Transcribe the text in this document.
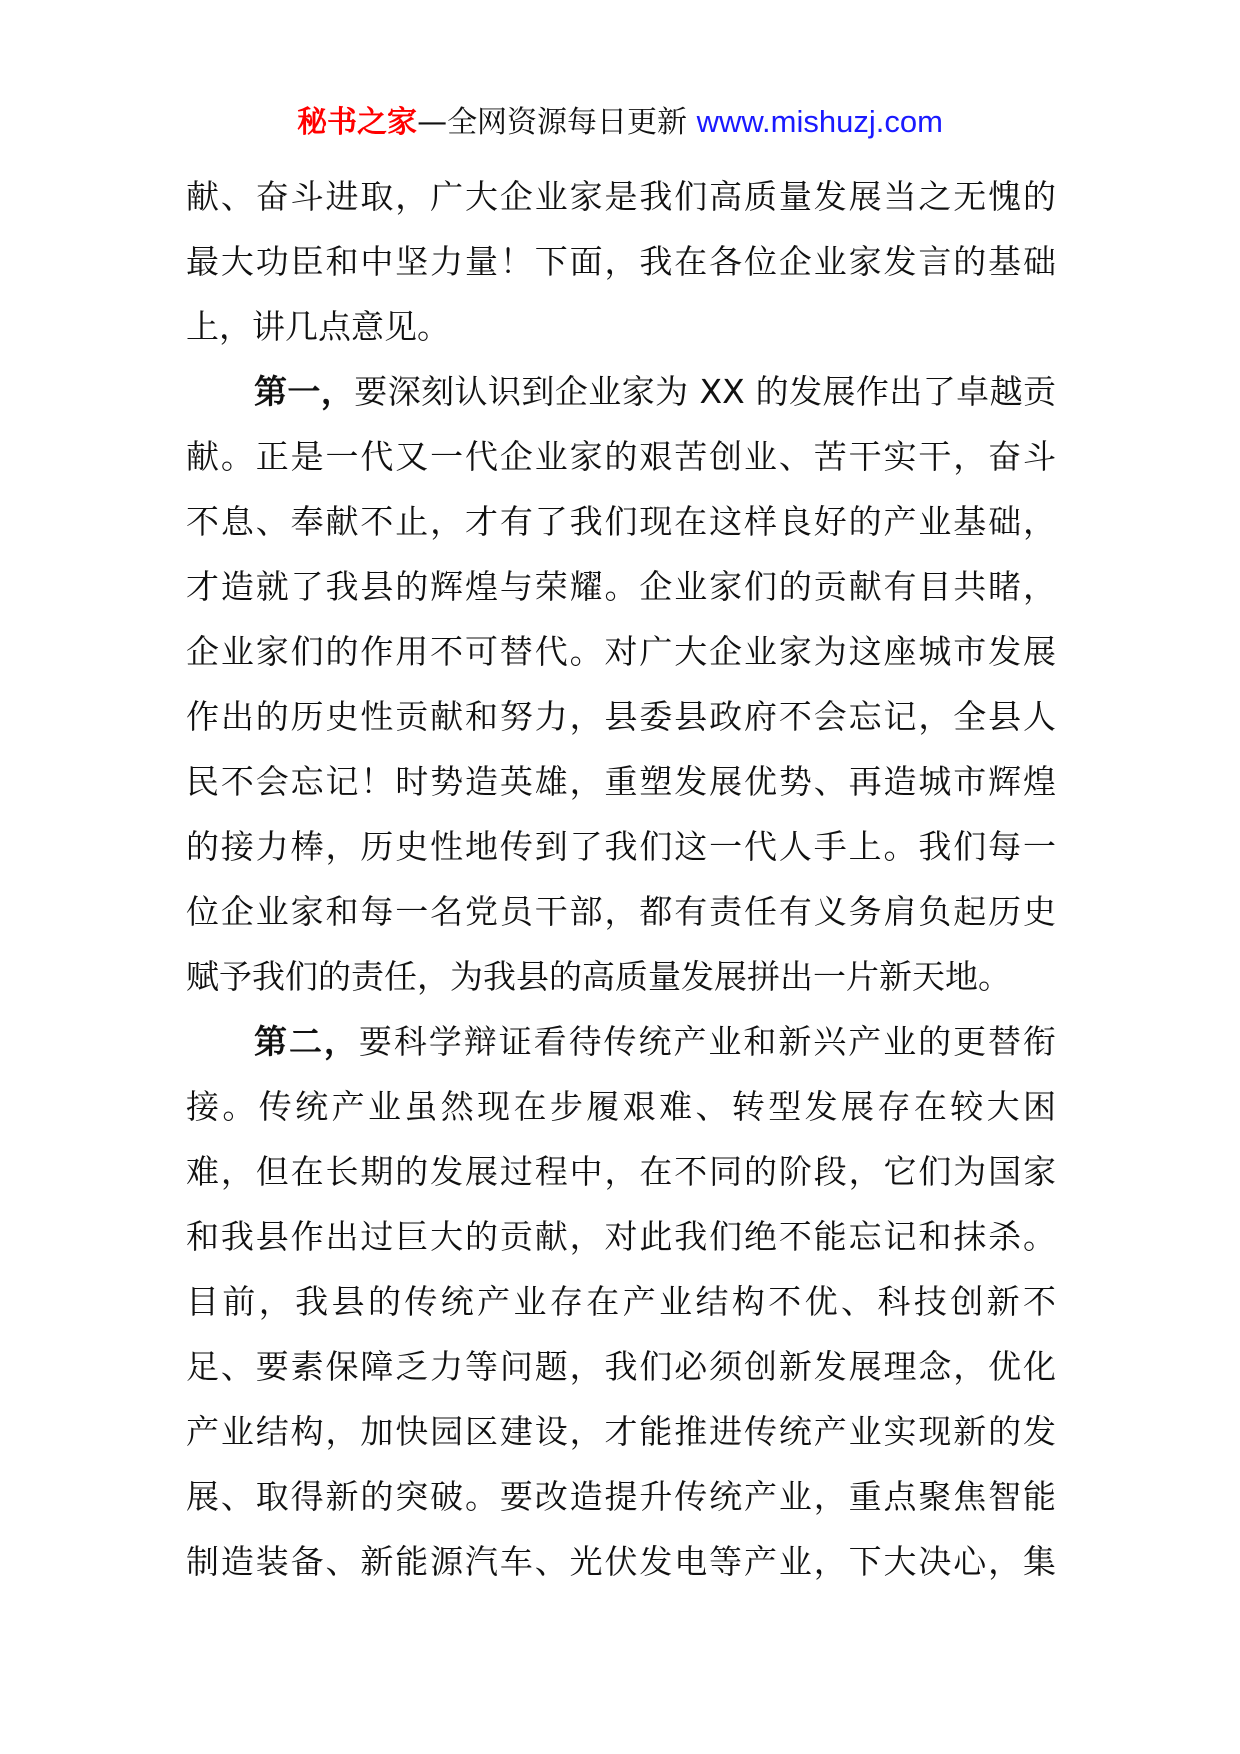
秘书之家—全网资源每日更新 www.mishuzj.com
献、奋斗进取，广大企业家是我们高质量发展当之无愧的
最大功臣和中坚力量！下面，我在各位企业家发言的基础
上，讲几点意见。
第一，要深刻认识到企业家为 XX 的发展作出了卓越贡
献。正是一代又一代企业家的艰苦创业、苦干实干，奋斗
不息、奉献不止，才有了我们现在这样良好的产业基础，
才造就了我县的辉煌与荣耀。企业家们的贡献有目共睹，
企业家们的作用不可替代。对广大企业家为这座城市发展
作出的历史性贡献和努力，县委县政府不会忘记，全县人
民不会忘记！时势造英雄，重塑发展优势、再造城市辉煌
的接力棒，历史性地传到了我们这一代人手上。我们每一
位企业家和每一名党员干部，都有责任有义务肩负起历史
赋予我们的责任，为我县的高质量发展拼出一片新天地。
第二，要科学辩证看待传统产业和新兴产业的更替衔
接。传统产业虽然现在步履艰难、转型发展存在较大困
难，但在长期的发展过程中，在不同的阶段，它们为国家
和我县作出过巨大的贡献，对此我们绝不能忘记和抹杀。
目前，我县的传统产业存在产业结构不优、科技创新不
足、要素保障乏力等问题，我们必须创新发展理念，优化
产业结构，加快园区建设，才能推进传统产业实现新的发
展、取得新的突破。要改造提升传统产业，重点聚焦智能
制造装备、新能源汽车、光伏发电等产业，下大决心，集
